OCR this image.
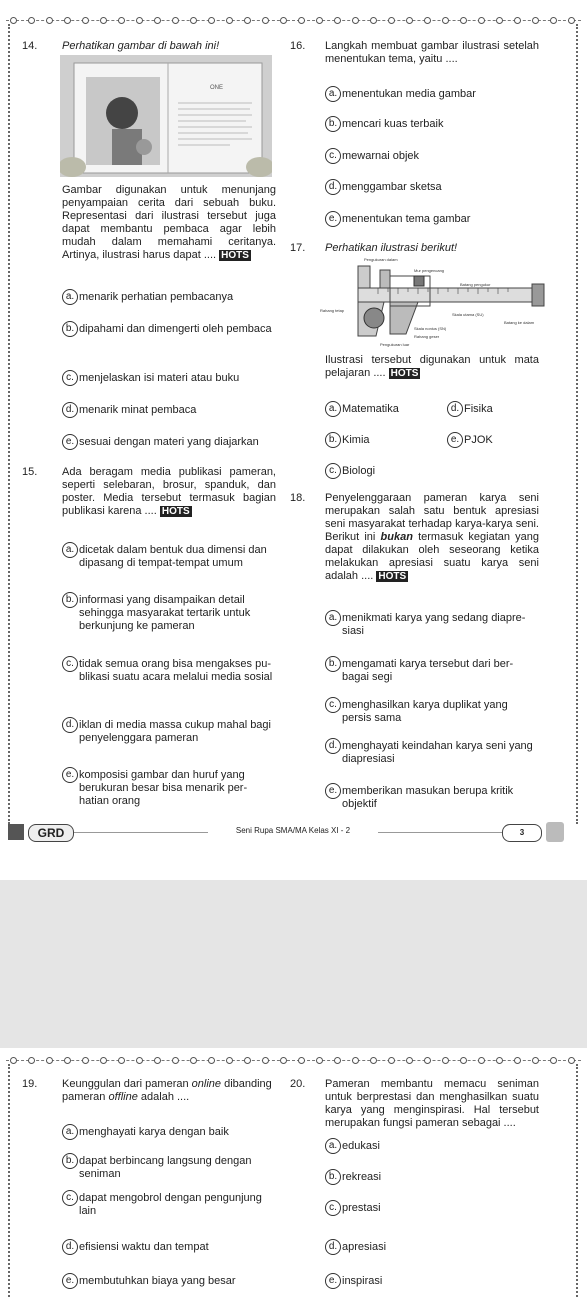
14. Perhatikan gambar di bawah ini!
ONE
Gambar digunakan untuk menunjang penyampaian cerita dari sebuah buku. Representasi dari ilustrasi tersebut juga dapat membantu pembaca agar lebih mudah dalam memahami ceritanya. Artinya, ilustrasi harus dapat .... HOTS
a. menarik perhatian pembacanya
b. dipahami dan dimengerti oleh pembaca
c. menjelaskan isi materi atau buku
d. menarik minat pembaca
e. sesuai dengan materi yang diajarkan
15. Ada beragam media publikasi pameran, seperti selebaran, brosur, spanduk, dan poster. Media tersebut termasuk bagian publikasi karena .... HOTS
a. dicetak dalam bentuk dua dimensi dan dipasang di tempat-tempat umum
b. informasi yang disampaikan detail sehingga masyarakat tertarik untuk berkunjung ke pameran
c. tidak semua orang bisa mengakses pu-blikasi suatu acara melalui media sosial
d. iklan di media massa cukup mahal bagi penyelenggara pameran
e. komposisi gambar dan huruf yang berukuran besar bisa menarik per-hatian orang
16. Langkah membuat gambar ilustrasi setelah menentukan tema, yaitu ....
a. menentukan media gambar
b. mencari kuas terbaik
c. mewarnai objek
d. menggambar sketsa
e. menentukan tema gambar
17. Perhatikan ilustrasi berikut!
Pengukuran dalam
Mur pengencang
Batang pengukur
Rahang tetap
Skala utama (SU)
Batang ke dalam
Skala nonius (SN)
Rahang geser
Pengukuran luar
Ilustrasi tersebut digunakan untuk mata pelajaran .... HOTS
a. Matematika
b. Kimia
c. Biologi
d. Fisika
e. PJOK
18. Penyelenggaraan pameran karya seni merupakan salah satu bentuk apresiasi seni masyarakat terhadap karya-karya seni. Berikut ini bukan termasuk kegiatan yang dapat dilakukan oleh seseorang ketika melakukan apresiasi suatu karya seni adalah .... HOTS
a. menikmati karya yang sedang diapre-siasi
b. mengamati karya tersebut dari ber-bagai segi
c. menghasilkan karya duplikat yang persis sama
d. menghayati keindahan karya seni yang diapresiasi
e. memberikan masukan berupa kritik objektif
GRD	Seni Rupa SMA/MA Kelas XI - 2	3
19. Keunggulan dari pameran online dibanding pameran offline adalah ....
a. menghayati karya dengan baik
b. dapat berbincang langsung dengan seniman
c. dapat mengobrol dengan pengunjung lain
d. efisiensi waktu dan tempat
e. membutuhkan biaya yang besar
20. Pameran membantu memacu seniman untuk berprestasi dan menghasilkan suatu karya yang menginspirasi. Hal tersebut merupakan fungsi pameran sebagai ....
a. edukasi
b. rekreasi
c. prestasi
d. apresiasi
e. inspirasi
